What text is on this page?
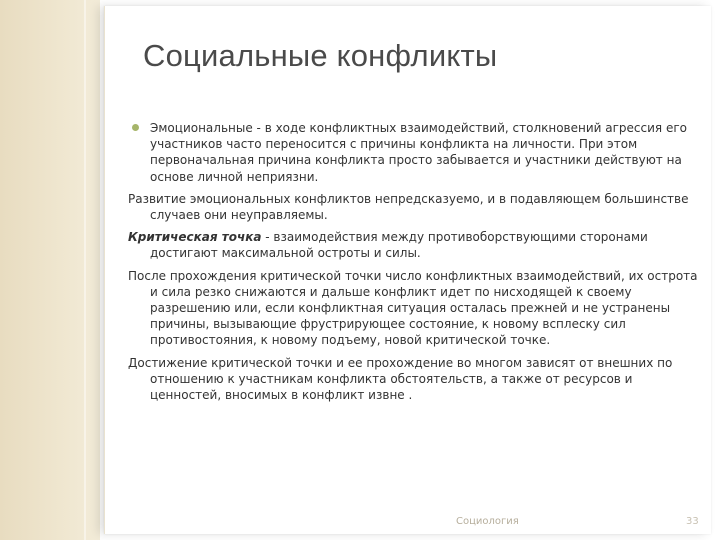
Социальные конфликты

Эмоциональные - в ходе конфликтных взаимодействий, столкновений агрессия его участников часто переносится с причины конфликта на личности. При этом первоначальная причина конфликта просто забывается и участники действуют на основе личной неприязни.

Развитие эмоциональных конфликтов непредсказуемо, и в подавляющем большинстве случаев они неуправляемы.

Критическая точка - взаимодействия между противоборствующими сторонами достигают максимальной остроты и силы.

После прохождения критической точки число конфликтных взаимодействий, их острота и сила резко снижаются и дальше конфликт идет по нисходящей к своему разрешению или, если конфликтная ситуация осталась прежней и не устранены причины, вызывающие фрустрирующее состояние, к новому всплеску сил противостояния, к новому подъему, новой критической точке.

Достижение критической точки и ее прохождение во многом зависят от внешних по отношению к участникам конфликта обстоятельств, а также от ресурсов и ценностей, вносимых в конфликт извне .

Социология	33
